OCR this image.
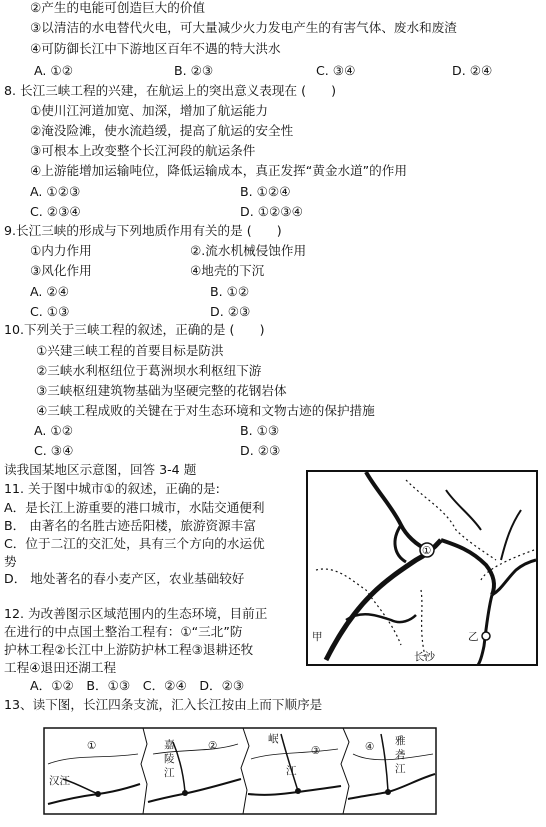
②产生的电能可创造巨大的价值
③以清洁的水电替代火电，可大量减少火力发电产生的有害气体、废水和废渣
④可防御长江中下游地区百年不遇的特大洪水
A. ①②	B. ②③	C. ③④	D. ②④
8. 长江三峡工程的兴建，在航运上的突出意义表现在 (　　)
①使川江河道加宽、加深，增加了航运能力
②淹没险滩，使水流趋缓，提高了航运的安全性
③可根本上改变整个长江河段的航运条件
④上游能增加运输吨位，降低运输成本，真正发挥“黄金水道”的作用
A. ①②③	B. ①②④
C. ②③④	D. ①②③④
9.长江三峡的形成与下列地质作用有关的是 (　　)
①内力作用	②.流水机械侵蚀作用
③风化作用	④地壳的下沉
A. ②④	B. ①②
C. ①③	D. ②③
10.下列关于三峡工程的叙述，正确的是 (　　)
①兴建三峡工程的首要目标是防洪
②三峡水利枢纽位于葛洲坝水利枢纽下游
③三峡枢纽建筑物基础为坚硬完整的花钢岩体
④三峡工程成败的关键在于对生态环境和文物古迹的保护措施
A. ①②	B. ①③
C. ③④	D. ②③
读我国某地区示意图，回答 3-4 题
11. 关于图中城市①的叙述，正确的是:
A．是长江上游重要的港口城市，水陆交通便利
B． 由著名的名胜古迹岳阳楼，旅游资源丰富
C．位于二江的交汇处，具有三个方向的水运优
势
D． 地处著名的春小麦产区，农业基础较好
12. 为改善图示区域范围内的生态环境，目前正
在进行的中点国土整治工程有：①“三北”防
护林工程②长江中上游防护林工程③退耕还牧
工程④退田还湖工程
A．①②　B．①③　C．②④　D．②③
13、读下图，长江四条支流，汇入长江按由上而下顺序是
①
乙
甲
长沙
①
汉江
②
嘉
陵
江
③
岷
江
④ 雅
砻
江
